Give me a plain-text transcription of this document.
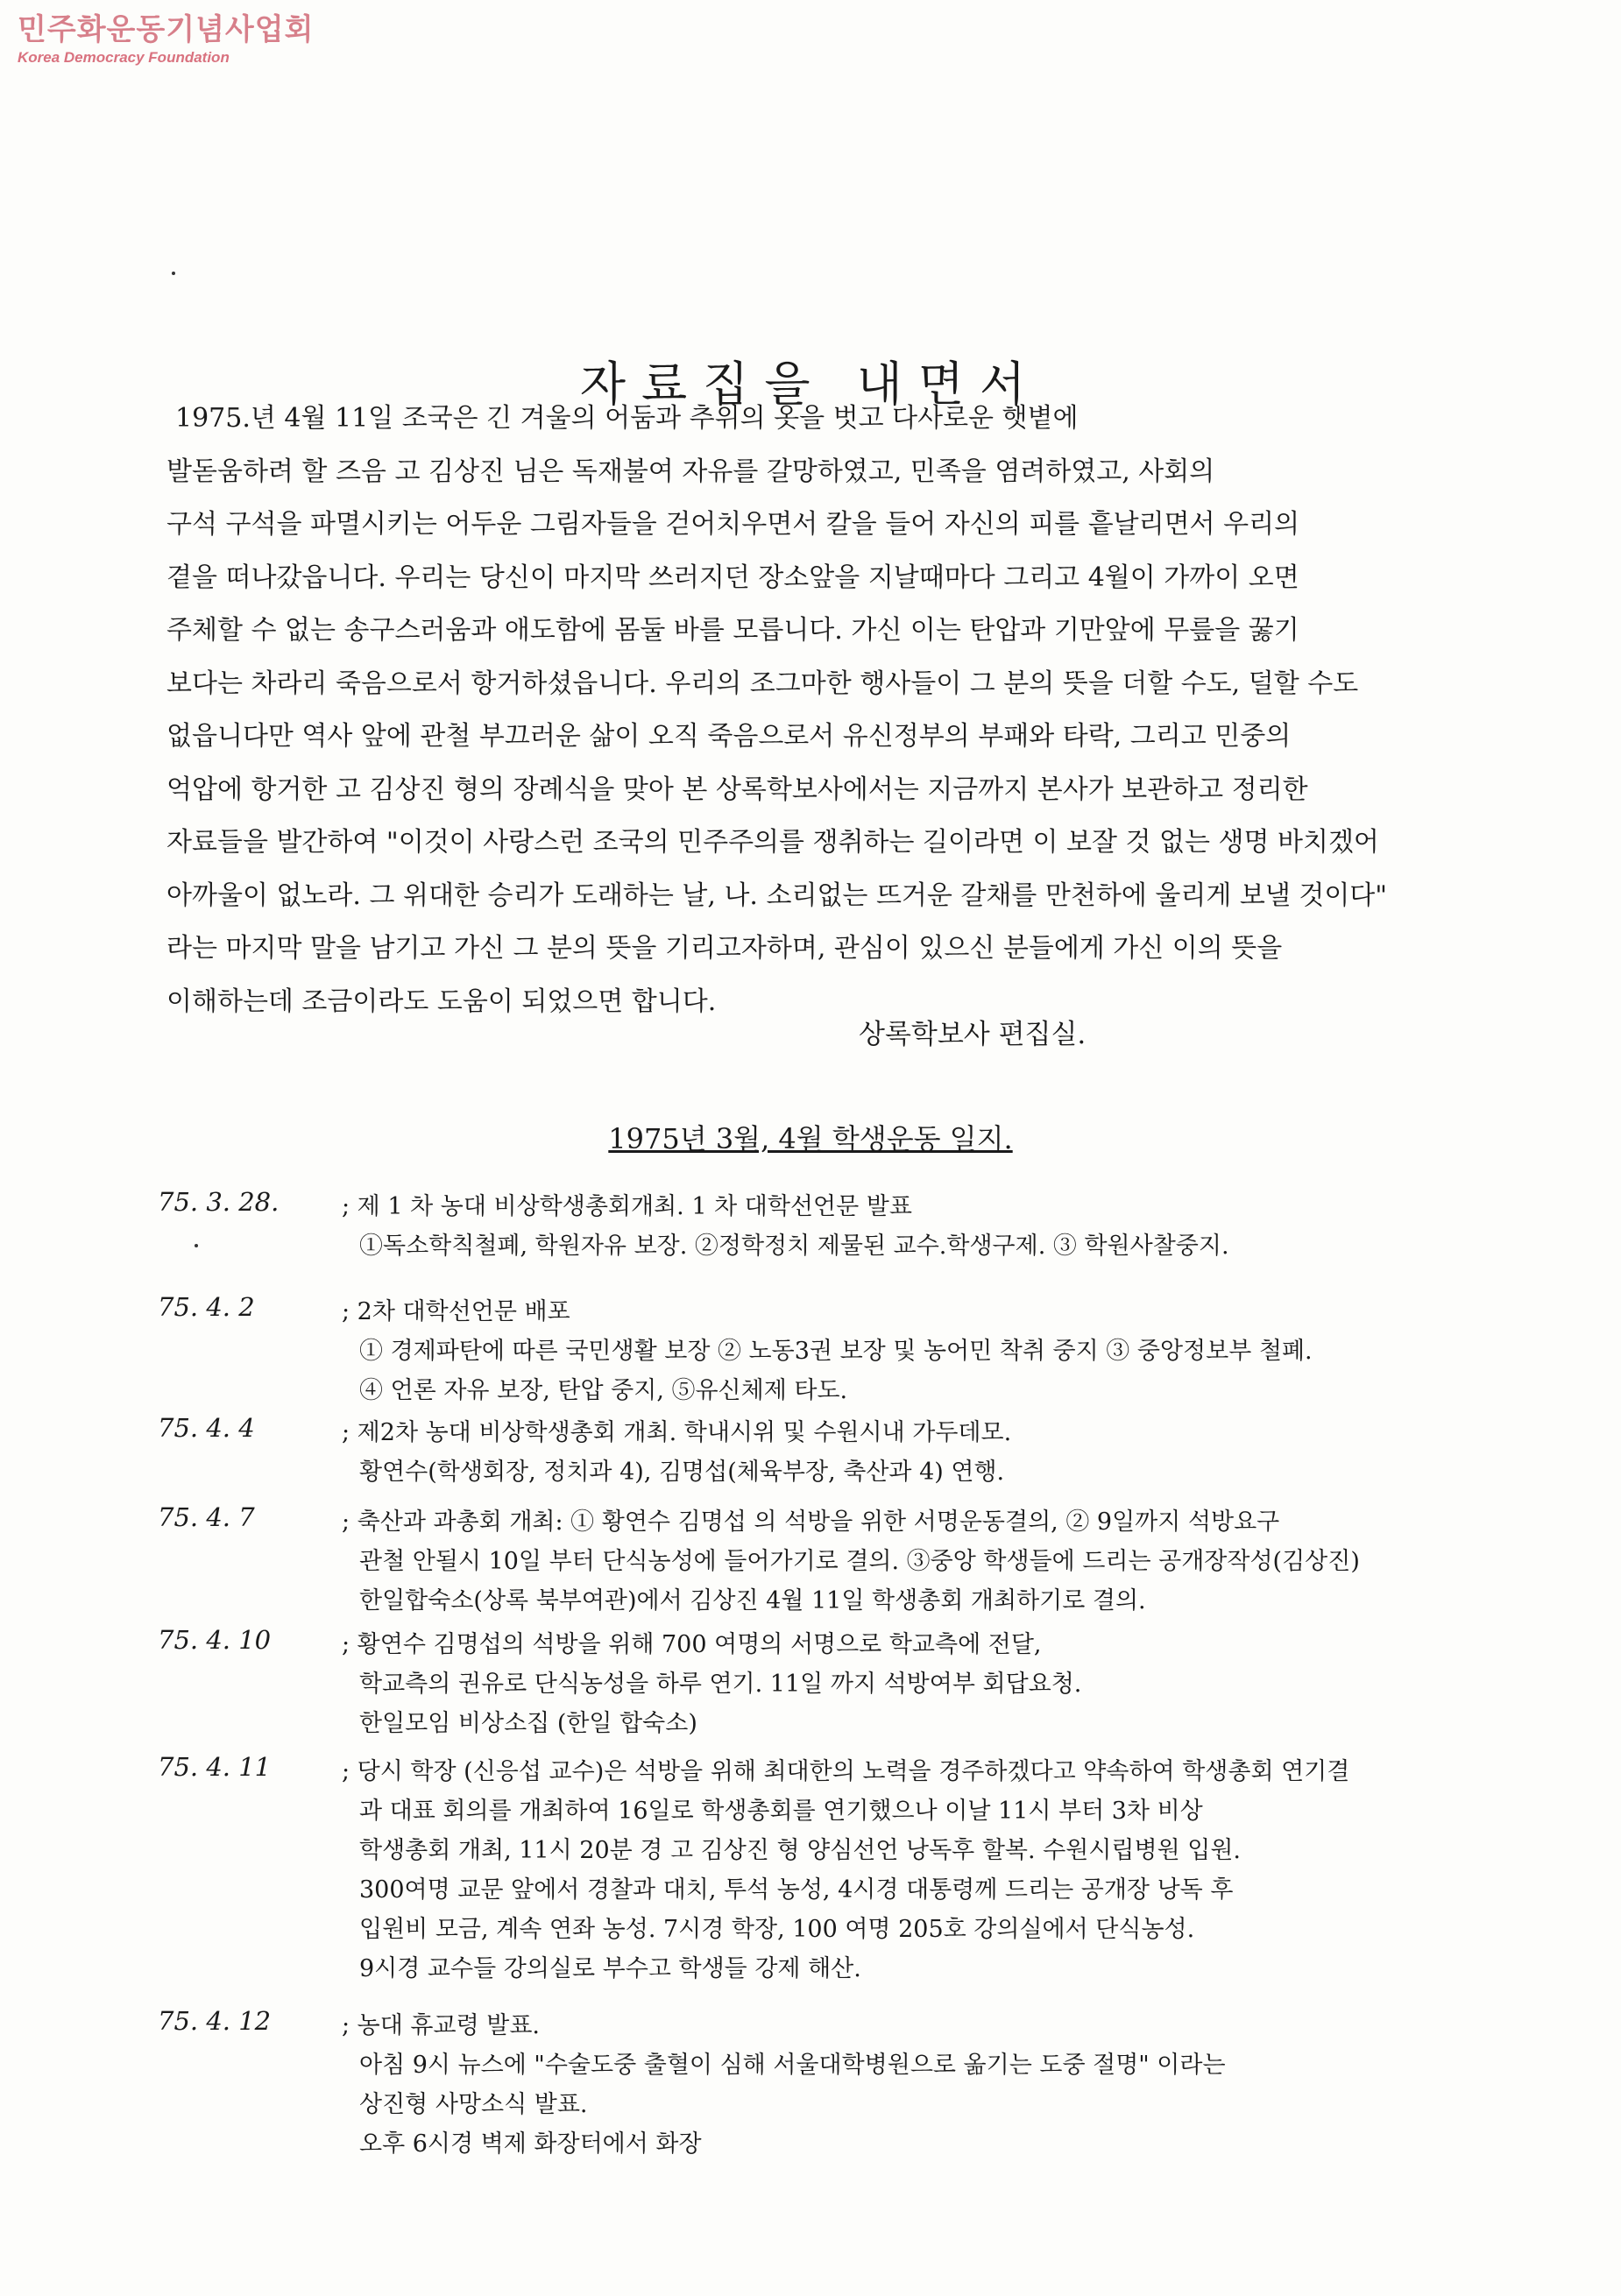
민주화운동기념사업회
Korea Democracy Foundation
자료집을 내면서

1975.년 4월 11일 조국은 긴 겨울의 어둠과 추위의 옷을 벗고 다사로운 햇볕에

발돋움하려 할 즈음 고 김상진 님은 독재불여 자유를 갈망하였고, 민족을 염려하였고, 사회의

구석 구석을 파멸시키는 어두운 그림자들을 걷어치우면서 칼을 들어 자신의 피를 흩날리면서 우리의

곁을 떠나갔읍니다. 우리는 당신이 마지막 쓰러지던 장소앞을 지날때마다 그리고 4월이 가까이 오면

주체할 수 없는 송구스러움과 애도함에 몸둘 바를 모릅니다. 가신 이는 탄압과 기만앞에 무릎을 꿇기

보다는 차라리 죽음으로서 항거하셨읍니다. 우리의 조그마한 행사들이 그 분의 뜻을 더할 수도, 덜할 수도

없읍니다만 역사 앞에 관철 부끄러운 삶이 오직 죽음으로서 유신정부의 부패와 타락, 그리고 민중의

억압에 항거한 고 김상진 형의 장례식을 맞아 본 상록학보사에서는 지금까지 본사가 보관하고 정리한

자료들을 발간하여 "이것이 사랑스런 조국의 민주주의를 쟁취하는 길이라면 이 보잘 것 없는 생명 바치겠어

아까울이 없노라. 그 위대한 승리가 도래하는 날, 나. 소리없는 뜨거운 갈채를 만천하에 울리게 보낼 것이다"

라는 마지막 말을 남기고 가신 그 분의 뜻을 기리고자하며, 관심이 있으신 분들에게 가신 이의 뜻을

이해하는데 조금이라도 도움이 되었으면 합니다.

상록학보사 편집실.
1975년 3월, 4월 학생운동 일지.
75. 3. 28.	; 제 1 차 농대 비상학생총회개최. 1 차 대학선언문 발표
①독소학칙철폐, 학원자유 보장. ②정학정치 제물된 교수.학생구제. ③ 학원사찰중지.
75. 4. 2	; 2차 대학선언문 배포
① 경제파탄에 따른 국민생활 보장 ② 노동3권 보장 및 농어민 착취 중지 ③ 중앙정보부 철폐.
④ 언론 자유 보장, 탄압 중지, ⑤유신체제 타도.
75. 4. 4	; 제2차 농대 비상학생총회 개최. 학내시위 및 수원시내 가두데모.
황연수(학생회장, 정치과 4), 김명섭(체육부장, 축산과 4) 연행.
75. 4. 7	; 축산과 과총회 개최: ① 황연수 김명섭 의 석방을 위한 서명운동결의, ② 9일까지 석방요구
관철 안될시 10일 부터 단식농성에 들어가기로 결의. ③중앙 학생들에 드리는 공개장작성(김상진)
한일합숙소(상록 북부여관)에서 김상진 4월 11일 학생총회 개최하기로 결의.
75. 4. 10	; 황연수 김명섭의 석방을 위해 700 여명의 서명으로 학교측에 전달,
학교측의 권유로 단식농성을 하루 연기. 11일 까지 석방여부 회답요청.
한일모임 비상소집 (한일 합숙소)
75. 4. 11	; 당시 학장 (신응섭 교수)은 석방을 위해 최대한의 노력을 경주하겠다고 약속하여 학생총회 연기결
과 대표 회의를 개최하여 16일로 학생총회를 연기했으나 이날 11시 부터 3차 비상
학생총회 개최, 11시 20분 경 고 김상진 형 양심선언 낭독후 할복. 수원시립병원 입원.
300여명 교문 앞에서 경찰과 대치, 투석 농성, 4시경 대통령께 드리는 공개장 낭독 후
입원비 모금, 계속 연좌 농성. 7시경 학장, 100 여명 205호 강의실에서 단식농성.
9시경 교수들 강의실로 부수고 학생들 강제 해산.
75. 4. 12	; 농대 휴교령 발표.
아침 9시 뉴스에 "수술도중 출혈이 심해 서울대학병원으로 옮기는 도중 절명" 이라는
상진형 사망소식 발표.
오후 6시경 벽제 화장터에서 화장
